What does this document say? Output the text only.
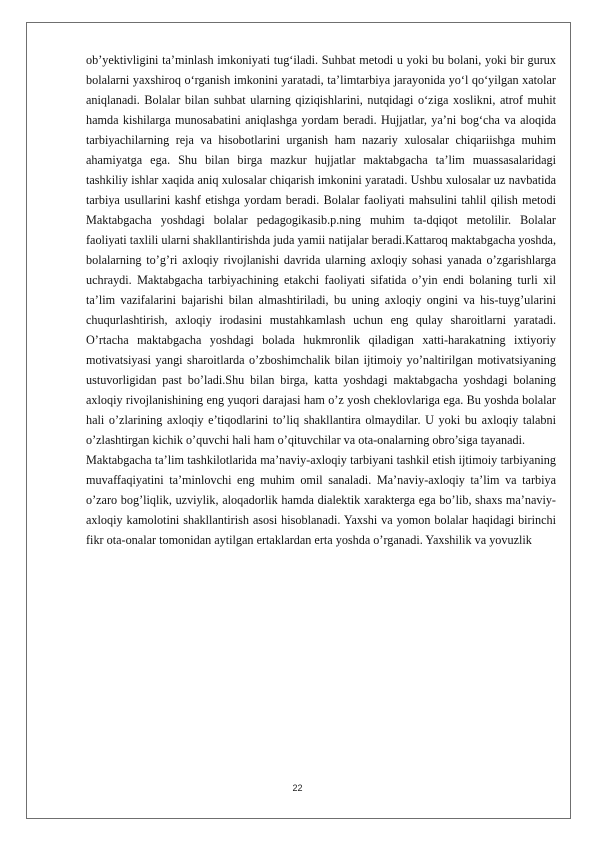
ob’yektivligini ta’minlash imkoniyati tug‘iladi. Suhbat metodi u yoki bu bolani, yoki bir gurux bolalarni yaxshiroq o‘rganish imkonini yaratadi, ta’limtarbiya jarayonida yo‘l qo‘yilgan xatolar aniqlanadi. Bolalar bilan suhbat ularning qiziqishlarini, nutqidagi o‘ziga xoslikni, atrof muhit hamda kishilarga munosabatini aniqlashga yordam beradi. Hujjatlar, ya’ni bog‘cha va aloqida tarbiyachilarning reja va hisobotlarini urganish ham nazariy xulosalar chiqariishga muhim ahamiyatga ega. Shu bilan birga mazkur hujjatlar maktabgacha ta’lim muassasalaridagi tashkiliy ishlar xaqida aniq xulosalar chiqarish imkonini yaratadi. Ushbu xulosalar uz navbatida tarbiya usullarini kashf etishga yordam beradi. Bolalar faoliyati mahsulini tahlil qilish metodi Maktabgacha yoshdagi bolalar pedagogikasib.p.ning muhim ta-dqiqot metolilir. Bolalar faoliyati taxlili ularni shakllantirishda juda yamii natijalar beradi.Kattaroq maktabgacha yoshda, bolalarning to’g’ri axloqiy rivojlanishi davrida ularning axloqiy sohasi yanada o’zgarishlarga uchraydi. Maktabgacha tarbiyachining etakchi faoliyati sifatida o’yin endi bolaning turli xil ta’lim vazifalarini bajarishi bilan almashtiriladi, bu uning axloqiy ongini va his-tuyg’ularini chuqurlashtirish, axloqiy irodasini mustahkamlash uchun eng qulay sharoitlarni yaratadi. O’rtacha maktabgacha yoshdagi bolada hukmronlik qiladigan xatti-harakatning ixtiyoriy motivatsiyasi yangi sharoitlarda o’zboshimchalik bilan ijtimoiy yo’naltirilgan motivatsiyaning ustuvorligidan past bo’ladi.Shu bilan birga, katta yoshdagi maktabgacha yoshdagi bolaning axloqiy rivojlanishining eng yuqori darajasi ham o’z yosh cheklovlariga ega. Bu yoshda bolalar hali o’zlarining axloqiy e’tiqodlarini to’liq shakllantira olmaydilar. U yoki bu axloqiy talabni o’zlashtirgan kichik o’quvchi hali ham o’qituvchilar va ota-onalarning obro’siga tayanadi.

Maktabgacha ta’lim tashkilotlarida ma’naviy-axloqiy tarbiyani tashkil etish ijtimoiy tarbiyaning muvaffaqiyatini ta’minlovchi eng muhim omil sanaladi. Ma’naviy-axloqiy ta’lim va tarbiya o’zaro bog’liqlik, uzviylik, aloqadorlik hamda dialektik xarakterga ega bo’lib, shaxs ma’naviy-axloqiy kamolotini shakllantirish asosi hisoblanadi. Yaxshi va yomon bolalar haqidagi birinchi fikr ota-onalar tomonidan aytilgan ertaklardan erta yoshda o’rganadi. Yaxshilik va yovuzlik

22
